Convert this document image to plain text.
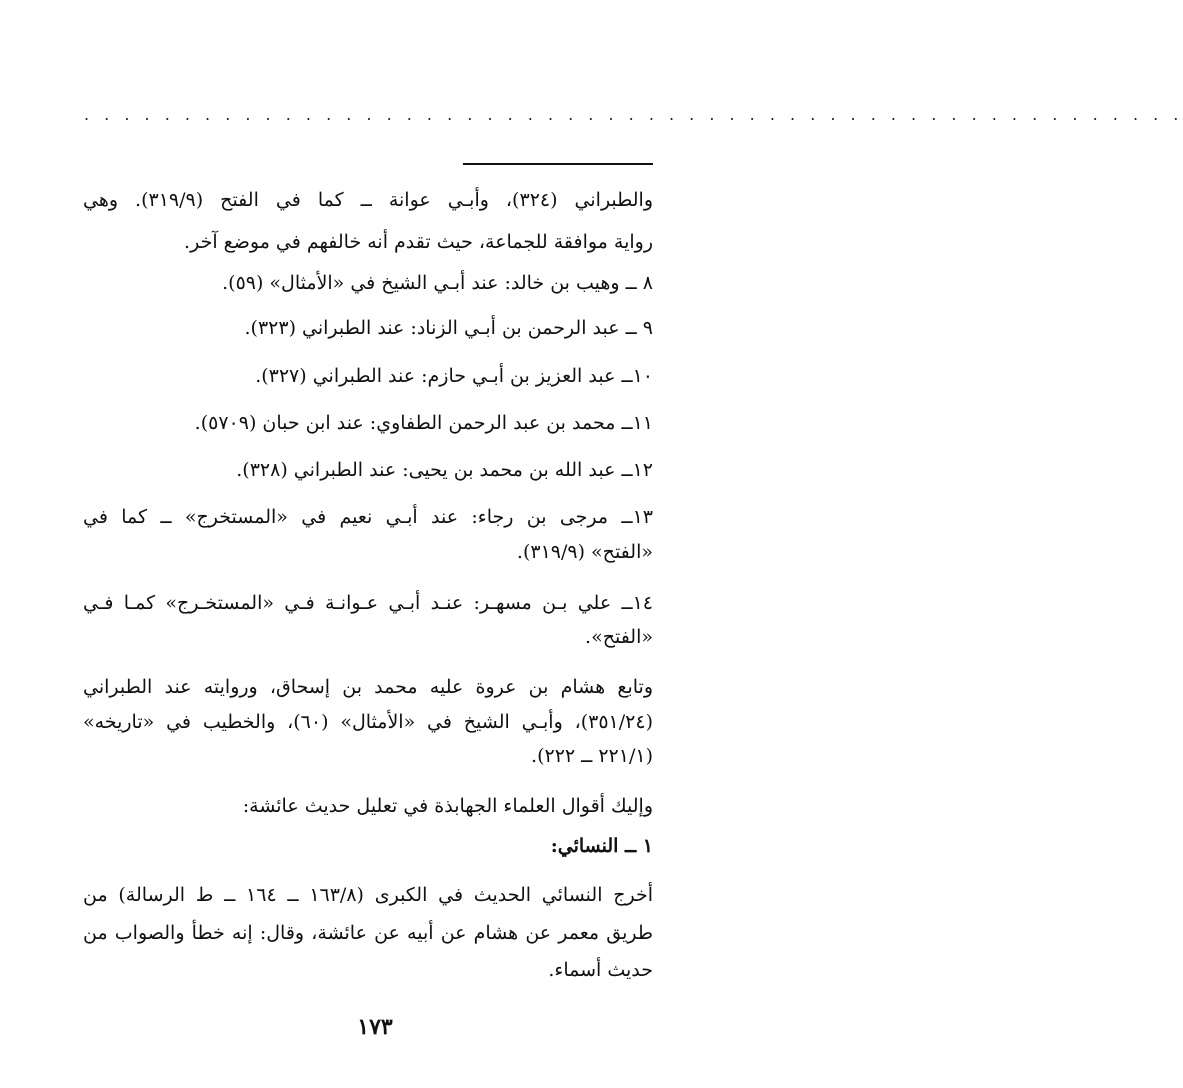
. . . . . . . . . . . . . . . . . . . . . . . . . . . . . . . . . . . . . . . . . . . . . . . . . . . . . . .
والطبراني (٣٢٤)، وأبـي عوانة ــ كما في الفتح (٣١٩/٩). وهي
رواية موافقة للجماعة، حيث تقدم أنه خالفهم في موضع آخر.
٨ ــ وهيب بن خالد: عند أبـي الشيخ في «الأمثال» (٥٩).
٩ ــ عبد الرحمن بن أبـي الزناد: عند الطبراني (٣٢٣).
١٠ــ عبد العزيز بن أبـي حازم: عند الطبراني (٣٢٧).
١١ــ محمد بن عبد الرحمن الطفاوي: عند ابن حبان (٥٧٠٩).
١٢ــ عبد الله بن محمد بن يحيى: عند الطبراني (٣٢٨).
١٣ــ مرجى بن رجاء: عند أبـي نعيم في «المستخرج» ــ كما في
«الفتح» (٣١٩/٩).
١٤ــ علي بـن مسهـر: عنـد أبـي عـوانـة فـي «المستخـرج» كمـا فـي
«الفتح».
وتابع هشام بن عروة عليه محمد بن إسحاق، وروايته عند الطبراني
(٣٥١/٢٤)، وأبـي الشيخ في «الأمثال» (٦٠)، والخطيب في «تاريخه»
(٢٢١/١ ــ ٢٢٢).
وإليك أقوال العلماء الجهابذة في تعليل حديث عائشة:
١ ــ النسائي:
أخرج النسائي الحديث في الكبرى (١٦٣/٨ ــ ١٦٤ ــ ط الرسالة) من
طريق معمر عن هشام عن أبيه عن عائشة، وقال: إنه خطأ والصواب من
حديث أسماء.
١٧٣
